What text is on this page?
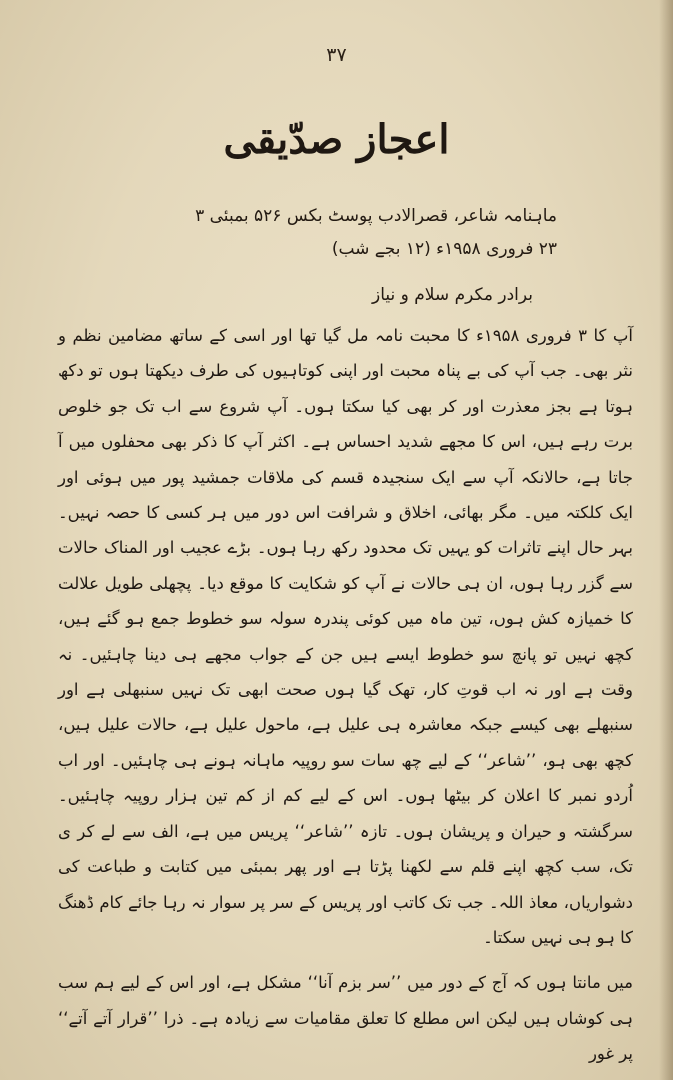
۳۷
اعجاز صدّیقی
ماہنامہ شاعر، قصرالادب پوسٹ بکس ۵۲۶ بمبئی ۳
۲۳ فروری ۱۹۵۸ء (۱۲ بجے شب)
برادر مکرم سلام و نیاز

آپ کا ۳ فروری ۱۹۵۸ء کا محبت نامہ مل گیا تھا اور اسی کے ساتھ مضامین نظم و نثر بھی۔ جب آپ کی بے پناہ محبت اور اپنی کوتاہیوں کی طرف دیکھتا ہوں تو دکھ ہوتا ہے بجز معذرت اور کر بھی کیا سکتا ہوں۔ آپ شروع سے اب تک جو خلوص برت رہے ہیں، اس کا مجھے شدید احساس ہے۔ اکثر آپ کا ذکر بھی محفلوں میں آ جاتا ہے، حالانکہ آپ سے ایک سنجیدہ قسم کی ملاقات جمشید پور میں ہوئی اور ایک کلکتہ میں۔ مگر بھائی، اخلاق و شرافت اس دور میں ہر کسی کا حصہ نہیں۔ بہر حال اپنے تاثرات کو یہیں تک محدود رکھ رہا ہوں۔ بڑے عجیب اور المناک حالات سے گزر رہا ہوں، ان ہی حالات نے آپ کو شکایت کا موقع دیا۔ پچھلی طویل علالت کا خمیازہ کش ہوں، تین ماہ میں کوئی پندرہ سولہ سو خطوط جمع ہو گئے ہیں، کچھ نہیں تو پانچ سو خطوط ایسے ہیں جن کے جواب مجھے ہی دینا چاہئیں۔ نہ وقت ہے اور نہ اب قوتِ کار، تھک گیا ہوں صحت ابھی تک نہیں سنبھلی ہے اور سنبھلے بھی کیسے جبکہ معاشرہ ہی علیل ہے، ماحول علیل ہے، حالات علیل ہیں، کچھ بھی ہو، ’’شاعر‘‘ کے لیے چھ سات سو روپیہ ماہانہ ہونے ہی چاہئیں۔ اور اب اُردو نمبر کا اعلان کر بیٹھا ہوں۔ اس کے لیے کم از کم تین ہزار روپیہ چاہئیں۔ سرگشتہ و حیران و پریشان ہوں۔ تازہ ’’شاعر‘‘ پریس میں ہے، الف سے لے کر ی تک، سب کچھ اپنے قلم سے لکھنا پڑتا ہے اور پھر بمبئی میں کتابت و طباعت کی دشواریاں، معاذ اللہ۔ جب تک کاتب اور پریس کے سر پر سوار نہ رہا جائے کام ڈھنگ کا ہو ہی نہیں سکتا۔

میں مانتا ہوں کہ آج کے دور میں ’’سر بزم آنا‘‘ مشکل ہے، اور اس کے لیے ہم سب ہی کوشاں ہیں لیکن اس مطلع کا تعلق مقامیات سے زیادہ ہے۔ ذرا ’’قرار آتے آتے‘‘ پر غور
